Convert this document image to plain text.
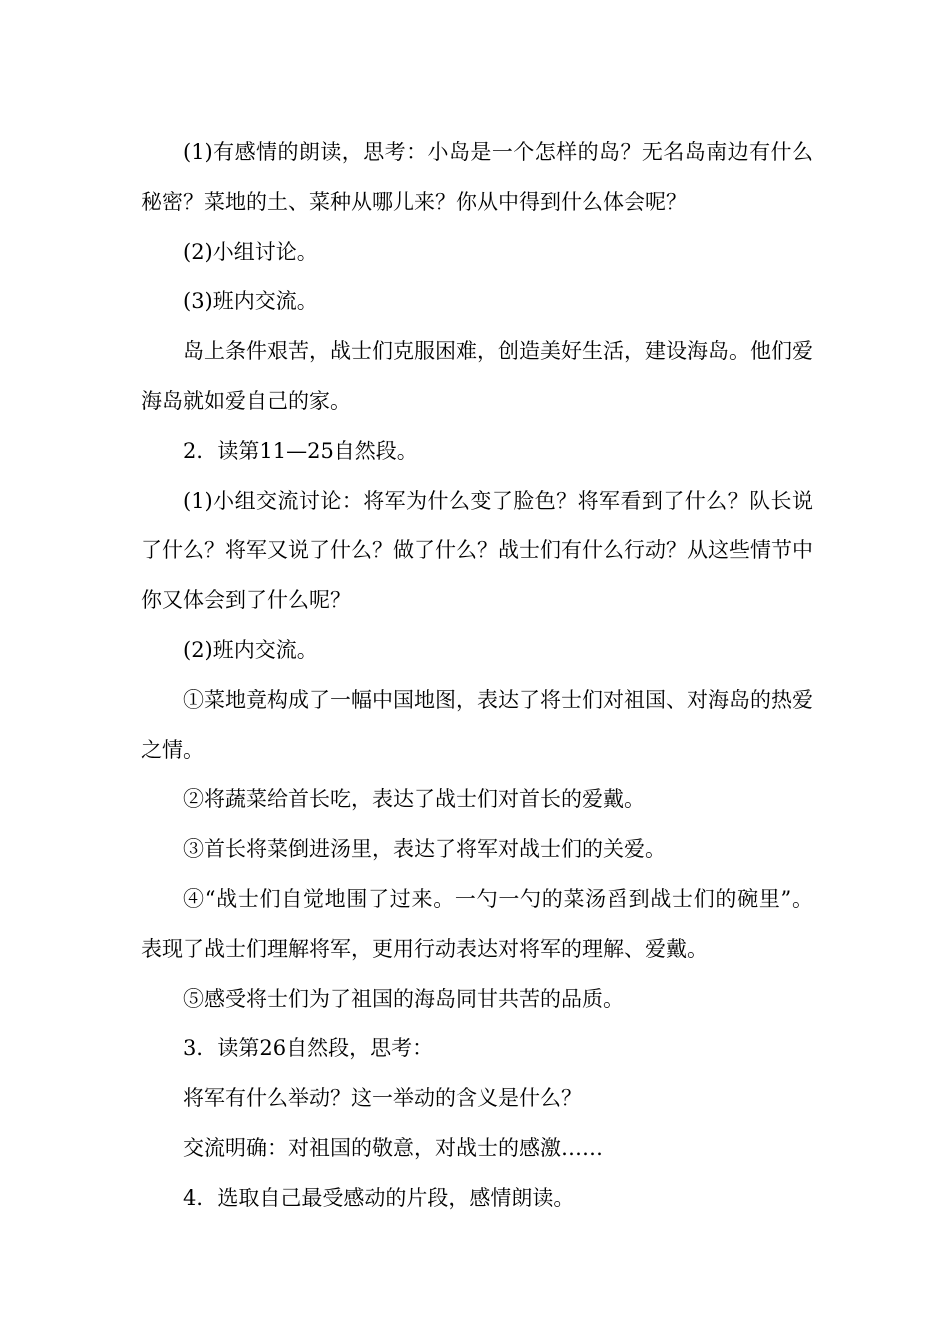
(1)有感情的朗读，思考：小岛是一个怎样的岛？无名岛南边有什么秘密？菜地的土、菜种从哪儿来？你从中得到什么体会呢？

(2)小组讨论。

(3)班内交流。

岛上条件艰苦，战士们克服困难，创造美好生活，建设海岛。他们爱海岛就如爱自己的家。

2．读第11—25自然段。

(1)小组交流讨论：将军为什么变了脸色？将军看到了什么？队长说了什么？将军又说了什么？做了什么？战士们有什么行动？从这些情节中你又体会到了什么呢？

(2)班内交流。

①菜地竟构成了一幅中国地图，表达了将士们对祖国、对海岛的热爱之情。

②将蔬菜给首长吃，表达了战士们对首长的爱戴。

③首长将菜倒进汤里，表达了将军对战士们的关爱。

④“战士们自觉地围了过来。一勺一勺的菜汤舀到战士们的碗里”。表现了战士们理解将军，更用行动表达对将军的理解、爱戴。

⑤感受将士们为了祖国的海岛同甘共苦的品质。

3．读第26自然段，思考：

将军有什么举动？这一举动的含义是什么？

交流明确：对祖国的敬意，对战士的感激……

4．选取自己最受感动的片段，感情朗读。
